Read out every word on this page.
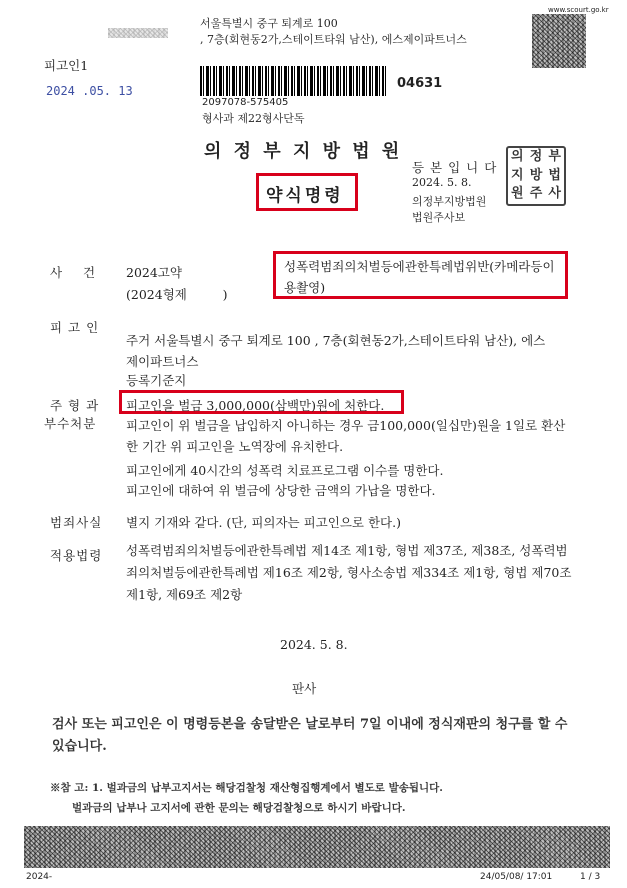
www.scourt.go.kr
서울특별시 중구 퇴계로 100
, 7층(회현동2가,스테이트타워 남산), 에스제이파트너스
피고인1
2024 .05. 13	04631
2097078-575405
형사과 제22형사단독
의 정 부 지 방 법 원
약식명령
등 본 입 니 다
2024. 5. 8.
의정부지방법원
법원주사보
의 정 부
지 방 법
원 주 사
사    건 2024고약
(2024형제         )
성폭력범죄의처벌등에관한특례법위반(카메라등이용촬영)
피 고 인
주거 서울특별시 중구 퇴계로 100 , 7층(회현동2가,스테이트타워 남산), 에스제이파트너스
등록기준지
주 형 과
부수처분
피고인을 벌금 3,000,000(삼백만)원에 처한다.
피고인이 위 벌금을 납입하지 아니하는 경우 금100,000(일십만)원을 1일로 환산한 기간 위 피고인을 노역장에 유치한다.
피고인에게 40시간의 성폭력 치료프로그램 이수를 명한다.
피고인에 대하여 위 벌금에 상당한 금액의 가납을 명한다.
범죄사실 별지 기재와 같다. (단, 피의자는 피고인으로 한다.)
적용법령 성폭력범죄의처벌등에관한특례법 제14조 제1항, 형법 제37조, 제38조, 성폭력범죄의처벌등에관한특례법 제16조 제2항, 형사소송법 제334조 제1항, 형법 제70조 제1항, 제69조 제2항
2024. 5. 8.
판사
검사 또는 피고인은 이 명령등본을 송달받은 날로부터 7일 이내에 정식재판의 청구를 할 수 있습니다.
※참 고: 1. 벌과금의 납부고지서는 해당검찰청 재산형집행계에서 별도로 발송됩니다.
벌과금의 납부나 고지서에 관한 문의는 해당검찰청으로 하시기 바랍니다.
2024-	24/05/08/ 17:01	1 / 3
